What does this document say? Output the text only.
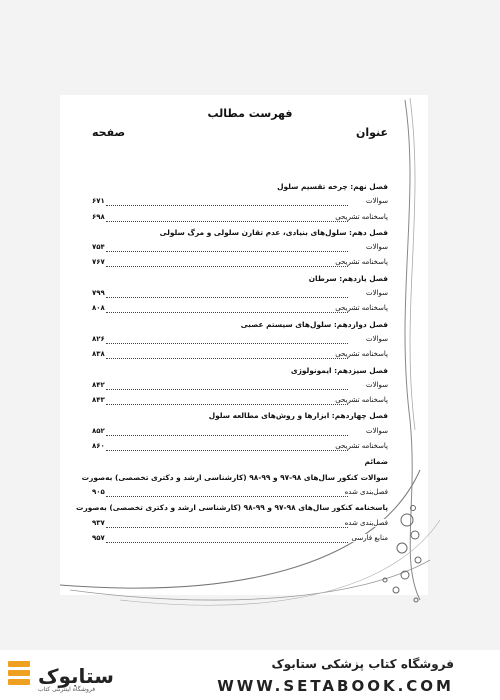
فهرست مطالب
عنوان
صفحه
فصل نهم: چرخه تقسیم سلول
سوالات
۶۷۱
پاسخنامه تشریحی
۶۹۸
فصل دهم: سلول‌های بنیادی، عدم تقارن سلولی و مرگ سلولی
سوالات
۷۵۴
پاسخنامه تشریحی
۷۶۷
فصل یازدهم: سرطان
سوالات
۷۹۹
پاسخنامه تشریحی
۸۰۸
فصل دوازدهم: سلول‌های سیستم عصبی
سوالات
۸۲۶
پاسخنامه تشریحی
۸۳۸
فصل سیزدهم: ایمونولوژی
سوالات
۸۴۲
پاسخنامه تشریحی
۸۴۳
فصل چهاردهم: ابزارها و روش‌های مطالعه سلول
سوالات
۸۵۲
پاسخنامه تشریحی
۸۶۰
ضمائم
سوالات کنکور سال‌های ۹۸-۹۷ و ۹۹-۹۸ (کارشناسی ارشد و دکتری تخصصی) به‌صورت
فصل‌بندی شده
۹۰۵
پاسخنامه کنکور سال‌های ۹۸-۹۷ و ۹۹-۹۸ (کارشناسی ارشد و دکتری تخصصی) به‌صورت
فصل‌بندی شده
۹۳۷
منابع فارسی
۹۵۷
ستابوک
فروشگاه اینترنتی کتاب
فروشگاه کتاب پزشکی ستابوک
WWW.SETABOOK.COM
